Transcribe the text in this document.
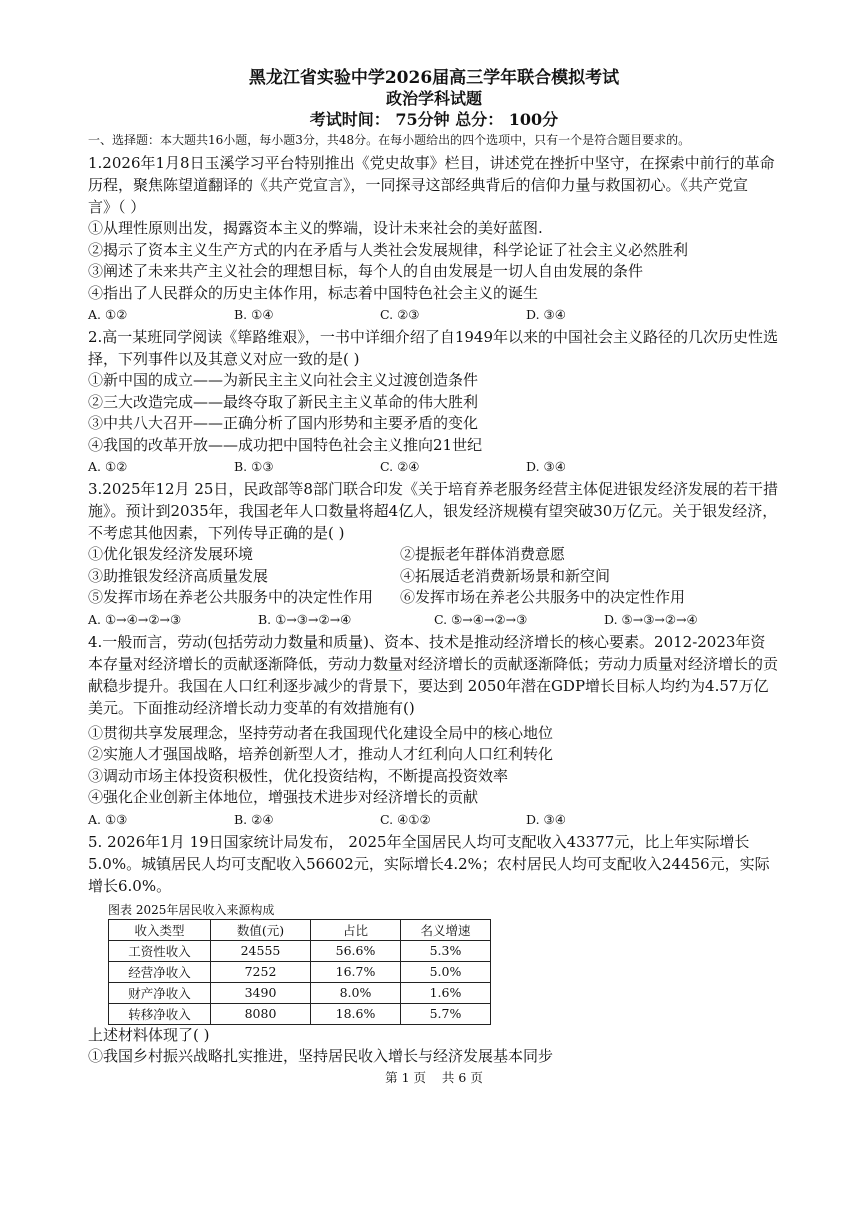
黑龙江省实验中学2026届高三学年联合模拟考试
政治学科试题
考试时间： 75分钟 总分： 100分
一、选择题：本大题共16小题，每小题3分，共48分。在每小题给出的四个选项中，只有一个是符合题目要求的。

1.2026年1月8日玉溪学习平台特别推出《党史故事》栏目，讲述党在挫折中坚守，在探索中前行的革命历程，聚焦陈望道翻译的《共产党宣言》，一同探寻这部经典背后的信仰力量与救国初心。《共产党宣言》（ ）

①从理性原则出发，揭露资本主义的弊端，设计未来社会的美好蓝图.
②揭示了资本主义生产方式的内在矛盾与人类社会发展规律，科学论证了社会主义必然胜利
③阐述了未来共产主义社会的理想目标，每个人的自由发展是一切人自由发展的条件
④指出了人民群众的历史主体作用，标志着中国特色社会主义的诞生
A. ①②	B. ①④	C. ②③	D. ③④

2.高一某班同学阅读《筚路维艰》，一书中详细介绍了自1949年以来的中国社会主义路径的几次历史性选择，下列事件以及其意义对应一致的是( )

①新中国的成立——为新民主主义向社会主义过渡创造条件
②三大改造完成——最终夺取了新民主主义革命的伟大胜利
③中共八大召开——正确分析了国内形势和主要矛盾的变化
④我国的改革开放——成功把中国特色社会主义推向21世纪
A. ①②	B. ①③	C. ②④	D. ③④

3.2025年12月 25日，民政部等8部门联合印发《关于培育养老服务经营主体促进银发经济发展的若干措施》。预计到2035年，我国老年人口数量将超4亿人，银发经济规模有望突破30万亿元。关于银发经济，不考虑其他因素，下列传导正确的是( )

①优化银发经济发展环境	②提振老年群体消费意愿
③助推银发经济高质量发展	④拓展适老消费新场景和新空间
⑤发挥市场在养老公共服务中的决定性作用	⑥发挥市场在养老公共服务中的决定性作用
A. ①→④→②→③	B. ①→③→②→④	C. ⑤→④→②→③	D. ⑤→③→②→④

4.一般而言，劳动(包括劳动力数量和质量)、资本、技术是推动经济增长的核心要素。2012-2023年资本存量对经济增长的贡献逐渐降低，劳动力数量对经济增长的贡献逐渐降低；劳动力质量对经济增长的贡献稳步提升。我国在人口红利逐步减少的背景下，要达到 2050年潜在GDP增长目标人均约为4.57万亿美元。下面推动经济增长动力变革的有效措施有()

①贯彻共享发展理念，坚持劳动者在我国现代化建设全局中的核心地位
②实施人才强国战略，培养创新型人才，推动人才红利向人口红利转化
③调动市场主体投资积极性，优化投资结构，不断提高投资效率
④强化企业创新主体地位，增强技术进步对经济增长的贡献
A. ①③	B. ②④	C. ④①②	D. ③④

5. 2026年1月 19日国家统计局发布， 2025年全国居民人均可支配收入43377元，比上年实际增长5.0%。城镇居民人均可支配收入56602元，实际增长4.2%；农村居民人均可支配收入24456元，实际增长6.0%。

图表 2025年居民收入来源构成
收入类型	数值(元)	占比	名义增速
工资性收入	24555	56.6%	5.3%
经营净收入	7252	16.7%	5.0%
财产净收入	3490	8.0%	1.6%
转移净收入	8080	18.6%	5.7%
上述材料体现了( )
①我国乡村振兴战略扎实推进，坚持居民收入增长与经济发展基本同步
第 1 页    共 6 页
